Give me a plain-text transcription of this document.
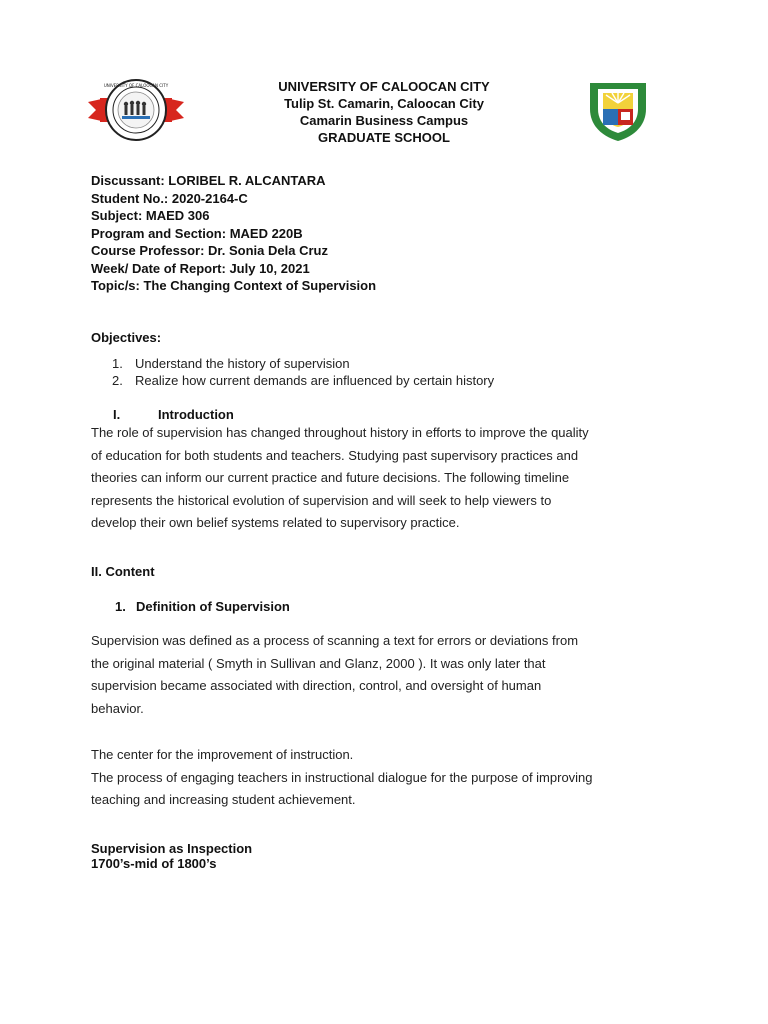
UNIVERSITY OF CALOOCAN CITY	UNIVERSITY OF CALOOCAN CITY
Tulip St. Camarin, Caloocan City
Camarin Business Campus
GRADUATE SCHOOL
Discussant: LORIBEL R. ALCANTARA
Student No.: 2020-2164-C
Subject: MAED 306
Program and Section: MAED 220B
Course Professor: Dr. Sonia Dela Cruz
Week/ Date of Report: July 10, 2021
Topic/s: The Changing Context of Supervision
Objectives:
1. Understand the history of supervision
2. Realize how current demands are influenced by certain history
I.	Introduction
The role of supervision has changed throughout history in efforts to improve the quality
of education for both students and teachers. Studying past supervisory practices and
theories can inform our current practice and future decisions. The following timeline
represents the historical evolution of supervision and will seek to help viewers to
develop their own belief systems related to supervisory practice.
II. Content
1. Definition of Supervision
Supervision was defined as a process of scanning a text for errors or deviations from
the original material ( Smyth in Sullivan and Glanz, 2000 ). It was only later that
supervision became associated with direction, control, and oversight of human
behavior.
The center for the improvement of instruction.
The process of engaging teachers in instructional dialogue for the purpose of improving
teaching and increasing student achievement.
Supervision as Inspection
1700’s-mid of 1800’s
